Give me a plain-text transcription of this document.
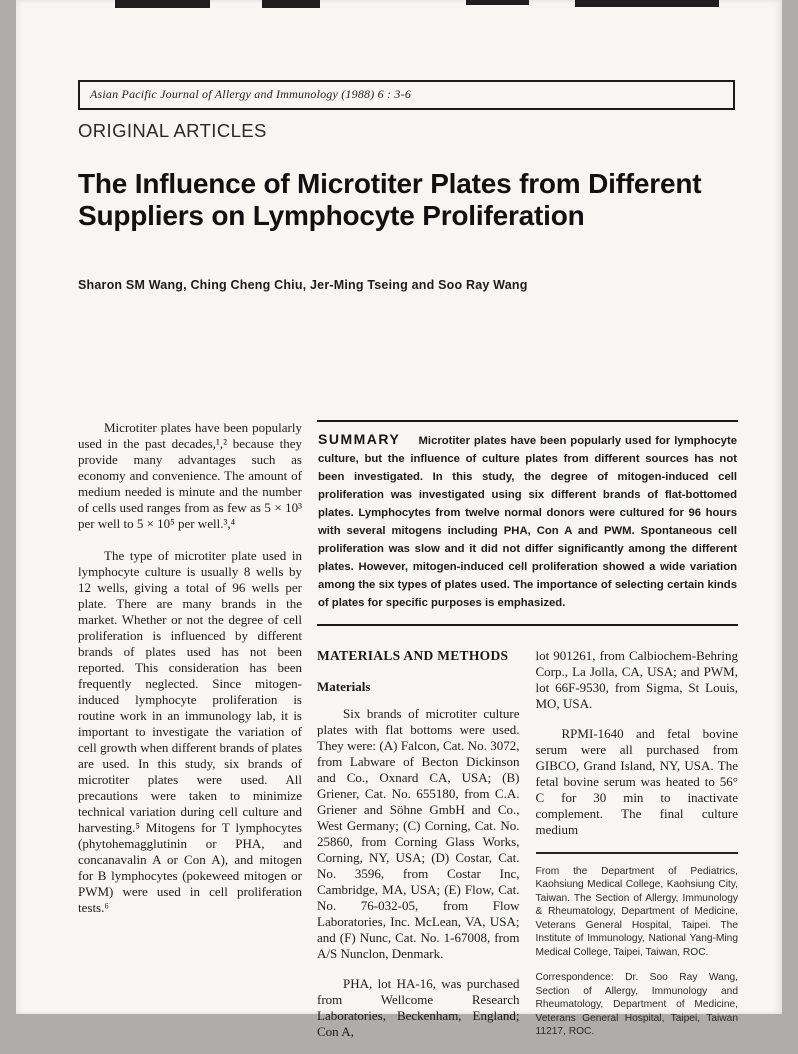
Asian Pacific Journal of Allergy and Immunology (1988) 6 : 3-6
ORIGINAL ARTICLES
The Influence of Microtiter Plates from Different Suppliers on Lymphocyte Proliferation
Sharon SM Wang, Ching Cheng Chiu, Jer-Ming Tseing and Soo Ray Wang

Microtiter plates have been popularly used in the past decades,¹,² because they provide many advantages such as economy and convenience. The amount of medium needed is minute and the number of cells used ranges from as few as 5 × 10³ per well to 5 × 10⁵ per well.³,⁴

The type of microtiter plate used in lymphocyte culture is usually 8 wells by 12 wells, giving a total of 96 wells per plate. There are many brands in the market. Whether or not the degree of cell proliferation is influenced by different brands of plates used has not been reported. This consideration has been frequently neglected. Since mitogen-induced lymphocyte proliferation is routine work in an immunology lab, it is important to investigate the variation of cell growth when different brands of plates are used. In this study, six brands of microtiter plates were used. All precautions were taken to minimize technical variation during cell culture and harvesting.⁵ Mitogens for T lymphocytes (phytohemagglutinin or PHA, and concanavalin A or Con A), and mitogen for B lymphocytes (pokeweed mitogen or PWM) were used in cell proliferation tests.⁶

SUMMARY Microtiter plates have been popularly used for lymphocyte culture, but the influence of culture plates from different sources has not been investigated. In this study, the degree of mitogen-induced cell proliferation was investigated using six different brands of flat-bottomed plates. Lymphocytes from twelve normal donors were cultured for 96 hours with several mitogens including PHA, Con A and PWM. Spontaneous cell proliferation was slow and it did not differ significantly among the different plates. However, mitogen-induced cell proliferation showed a wide variation among the six types of plates used. The importance of selecting certain kinds of plates for specific purposes is emphasized.
MATERIALS AND METHODS
Materials

Six brands of microtiter culture plates with flat bottoms were used. They were: (A) Falcon, Cat. No. 3072, from Labware of Becton Dickinson and Co., Oxnard CA, USA; (B) Griener, Cat. No. 655180, from C.A. Griener and Söhne GmbH and Co., West Germany; (C) Corning, Cat. No. 25860, from Corning Glass Works, Corning, NY, USA; (D) Costar, Cat. No. 3596, from Costar Inc, Cambridge, MA, USA; (E) Flow, Cat. No. 76-032-05, from Flow Laboratories, Inc. McLean, VA, USA; and (F) Nunc, Cat. No. 1-67008, from A/S Nunclon, Denmark.

PHA, lot HA-16, was purchased from Wellcome Research Laboratories, Beckenham, England; Con A,

lot 901261, from Calbiochem-Behring Corp., La Jolla, CA, USA; and PWM, lot 66F-9530, from Sigma, St Louis, MO, USA.

RPMI-1640 and fetal bovine serum were all purchased from GIBCO, Grand Island, NY, USA. The fetal bovine serum was heated to 56° C for 30 min to inactivate complement. The final culture medium

From the Department of Pediatrics, Kaohsiung Medical College, Kaohsiung City, Taiwan. The Section of Allergy, Immunology & Rheumatology, Department of Medicine, Veterans General Hospital, Taipei. The Institute of Immunology, National Yang-Ming Medical College, Taipei, Taiwan, ROC.

Correspondence: Dr. Soo Ray Wang, Section of Allergy, Immunology and Rheumatology, Department of Medicine, Veterans General Hospital, Taipei, Taiwan 11217, ROC.
